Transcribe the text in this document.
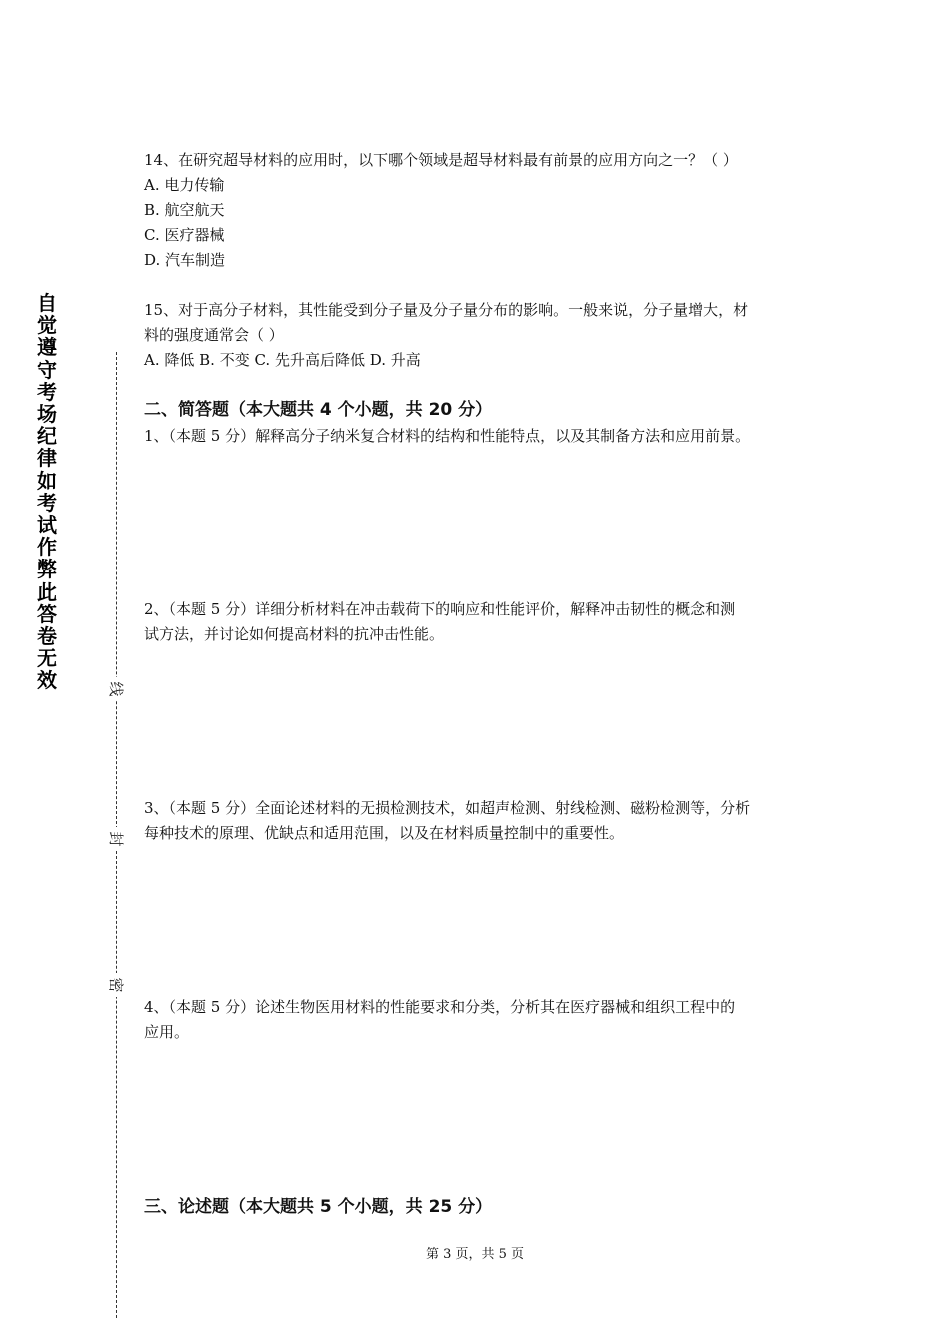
自
觉
遵
守
考
场
纪
律
如
考
试
作
弊
此
答
卷
无
效	线
封
密

14、在研究超导材料的应用时，以下哪个领域是超导材料最有前景的应用方向之一？（ ）

A. 电力传输

B. 航空航天

C. 医疗器械

D. 汽车制造

15、对于高分子材料，其性能受到分子量及分子量分布的影响。一般来说，分子量增大，材

料的强度通常会（ ）

A. 降低 B. 不变 C. 先升高后降低 D. 升高

二、简答题（本大题共 4 个小题，共 20 分）

1、（本题 5 分）解释高分子纳米复合材料的结构和性能特点，以及其制备方法和应用前景。

2、（本题 5 分）详细分析材料在冲击载荷下的响应和性能评价，解释冲击韧性的概念和测

试方法，并讨论如何提高材料的抗冲击性能。

3、（本题 5 分）全面论述材料的无损检测技术，如超声检测、射线检测、磁粉检测等，分析

每种技术的原理、优缺点和适用范围，以及在材料质量控制中的重要性。

4、（本题 5 分）论述生物医用材料的性能要求和分类，分析其在医疗器械和组织工程中的

应用。

三、论述题（本大题共 5 个小题，共 25 分）
第 3 页，共 5 页
